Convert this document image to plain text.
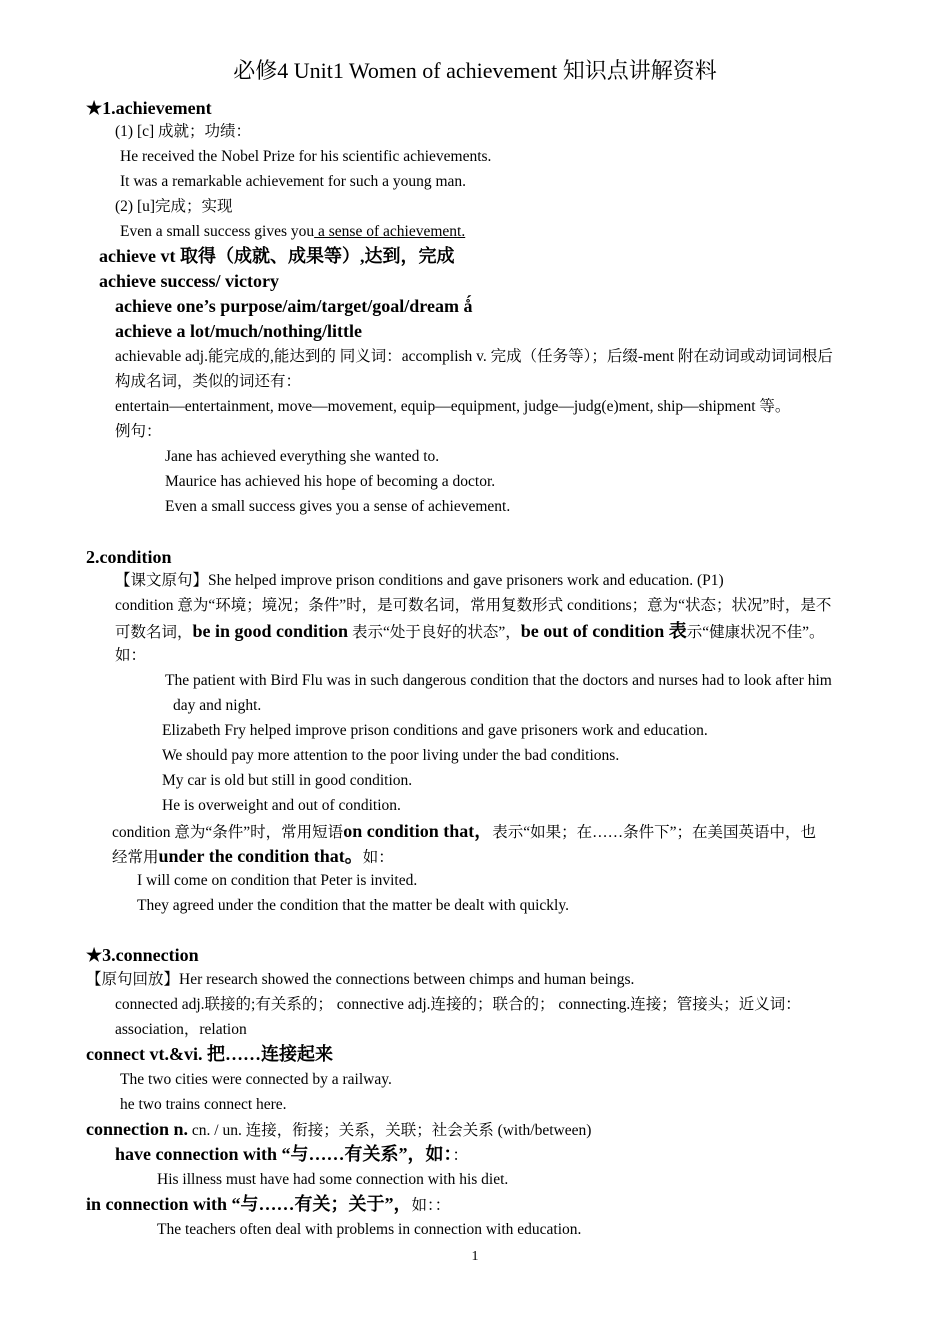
必修4 Unit1 Women of achievement 知识点讲解资料
★1.achievement
(1) [c] 成就；功绩：
He received the Nobel Prize for his scientific achievements.
It was a remarkable achievement for such a young man.
(2) [u]完成；实现
Even a small success gives you a sense of achievement.
achieve vt 取得（成就、成果等）,达到，完成
achieve success/ victory
achieve one’s purpose/aim/target/goal/dream ǻ
achieve a lot/much/nothing/little
achievable adj.能完成的,能达到的 同义词：accomplish v. 完成（任务等）；后缀-ment 附在动词或动词词根后
构成名词，类似的词还有：
entertain—entertainment, move—movement, equip—equipment, judge—judg(e)ment, ship—shipment 等。
例句：
Jane has achieved everything she wanted to.
Maurice has achieved his hope of becoming a doctor.
Even a small success gives you a sense of achievement.
2.condition
【课文原句】She helped improve prison conditions and gave prisoners work and education. (P1)
condition 意为“环境；境况；条件”时，是可数名词，常用复数形式 conditions；意为“状态；状况”时，是不
可数名词，be in good condition 表示“处于良好的状态”，be out of condition 表示“健康状况不佳”。
如：
The patient with Bird Flu was in such dangerous condition that the doctors and nurses had to look after him
day and night.
Elizabeth Fry helped improve prison conditions and gave prisoners work and education.
We should pay more attention to the poor living under the bad conditions.
My car is old but still in good condition.
He is overweight and out of condition.
condition 意为“条件”时，常用短语on condition that，表示“如果；在……条件下”；在美国英语中，也
经常用under the condition that。如：
I will come on condition that Peter is invited.
They agreed under the condition that the matter be dealt with quickly.
★3.connection
【原句回放】Her research showed the connections between chimps and human beings.
connected adj.联接的;有关系的； connective adj.连接的；联合的； connecting.连接；管接头；近义词：
association，relation
connect vt.&vi. 把……连接起来
The two cities were connected by a railway.
he two trains connect here.
connection n. cn. / un. 连接，衔接；关系，关联；社会关系 (with/between)
have connection with “与……有关系”，如：：
His illness must have had some connection with his diet.
in connection with “与……有关；关于”，如：：
The teachers often deal with problems in connection with education.
1
